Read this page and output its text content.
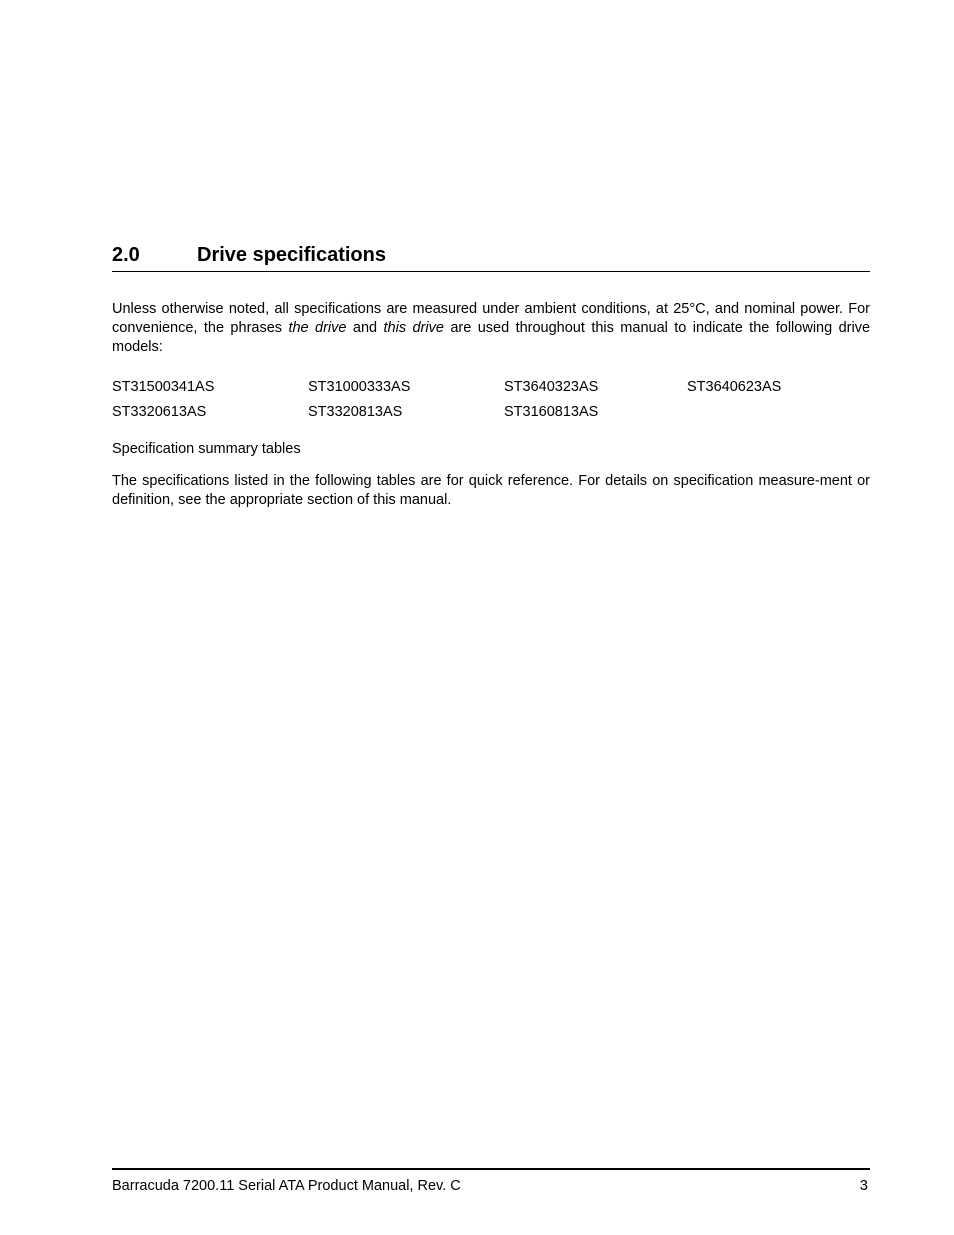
2.0	Drive specifications

Unless otherwise noted, all specifications are measured under ambient conditions, at 25°C, and nominal power. For convenience, the phrases the drive and this drive are used throughout this manual to indicate the following drive models:

ST31500341AS	ST31000333AS	ST3640323AS	ST3640623AS
ST3320613AS	ST3320813AS	ST3160813AS

Specification summary tables

The specifications listed in the following tables are for quick reference. For details on specification measure-ment or definition, see the appropriate section of this manual.

Barracuda 7200.11 Serial ATA Product Manual, Rev. C	3
